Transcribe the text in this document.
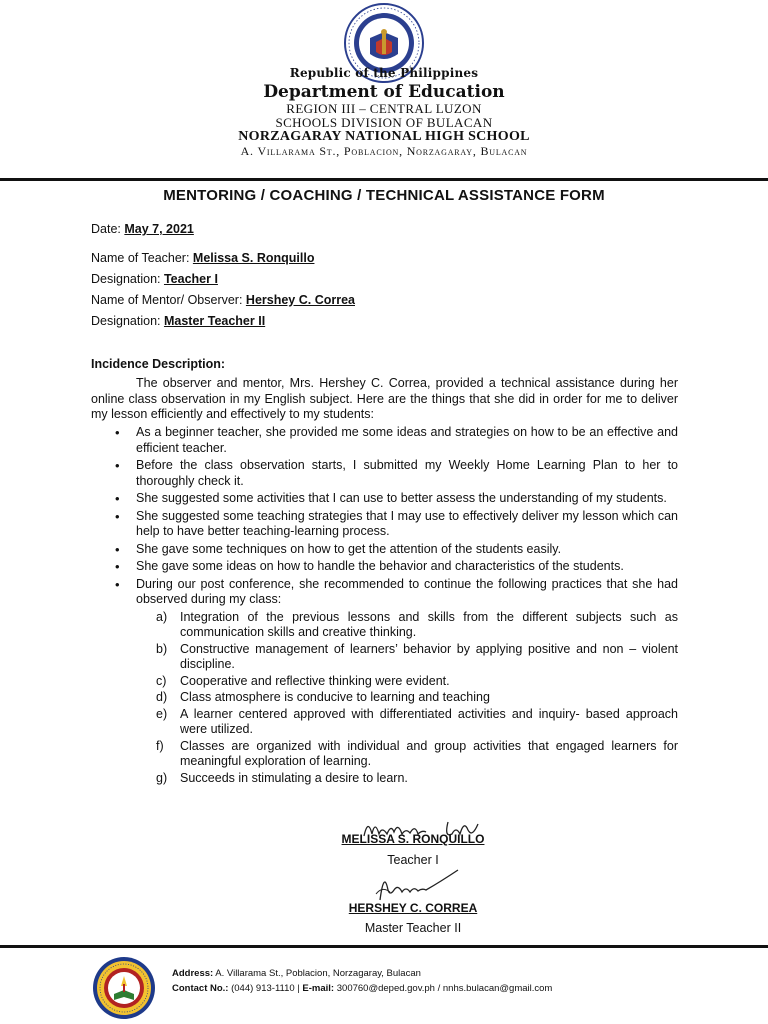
Republic of the Philippines
Department of Education
REGION III – CENTRAL LUZON
SCHOOLS DIVISION OF BULACAN
NORZAGARAY NATIONAL HIGH SCHOOL
A. Villarama St., Poblacion, Norzagaray, Bulacan
MENTORING / COACHING / TECHNICAL ASSISTANCE FORM
Date: May 7, 2021
Name of Teacher: Melissa S. Ronquillo
Designation: Teacher I
Name of Mentor/ Observer: Hershey C. Correa
Designation: Master Teacher II
Incidence Description:

The observer and mentor, Mrs. Hershey C. Correa, provided a technical assistance during her online class observation in my English subject. Here are the things that she did in order for me to deliver my lesson efficiently and effectively to my students:

• As a beginner teacher, she provided me some ideas and strategies on how to be an effective and efficient teacher.
• Before the class observation starts, I submitted my Weekly Home Learning Plan to her to thoroughly check it.
• She suggested some activities that I can use to better assess the understanding of my students.
• She suggested some teaching strategies that I may use to effectively deliver my lesson which can help to have better teaching-learning process.
• She gave some techniques on how to get the attention of the students easily.
• She gave some ideas on how to handle the behavior and characteristics of the students.
• During our post conference, she recommended to continue the following practices that she had observed during my class:
a) Integration of the previous lessons and skills from the different subjects such as communication skills and creative thinking.
b) Constructive management of learners’ behavior by applying positive and non – violent discipline.
c) Cooperative and reflective thinking were evident.
d) Class atmosphere is conducive to learning and teaching
e) A learner centered approved with differentiated activities and inquiry- based approach were utilized.
f) Classes are organized with individual and group activities that engaged learners for meaningful exploration of learning.
g) Succeeds in stimulating a desire to learn.
MELISSA S. RONQUILLO
Teacher I
HERSHEY C. CORREA
Master Teacher II
Address: A. Villarama St., Poblacion, Norzagaray, Bulacan
Contact No.: (044) 913-1110 | E-mail: 300760@deped.gov.ph / nnhs.bulacan@gmail.com
